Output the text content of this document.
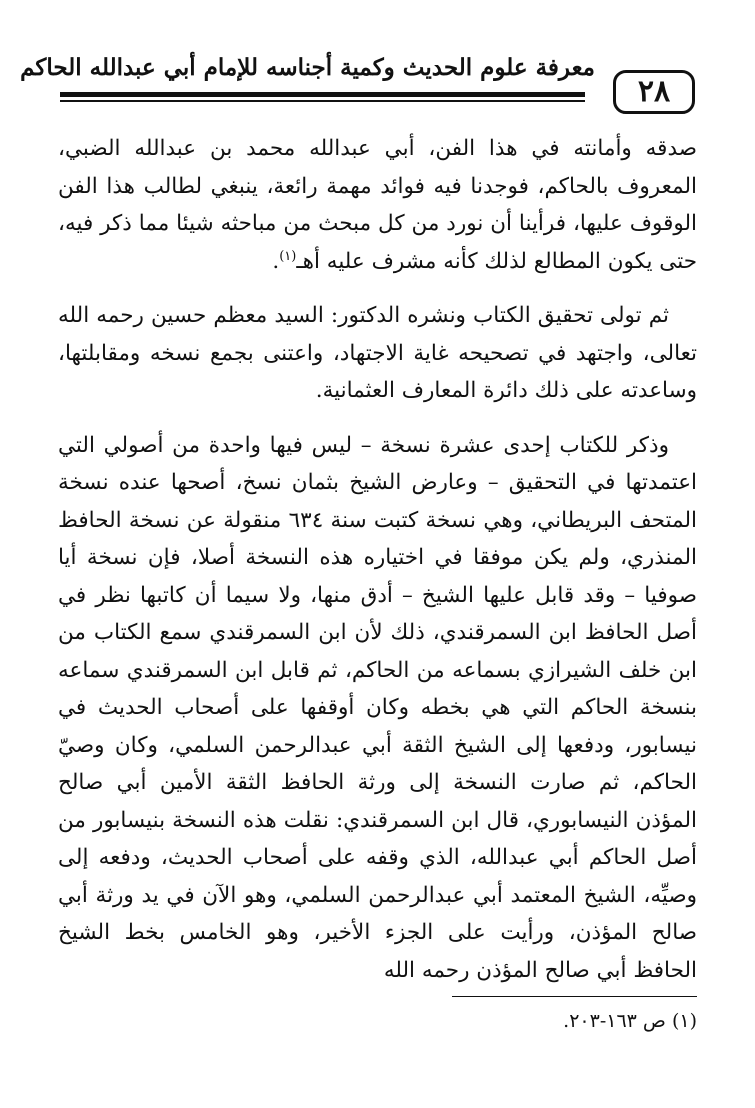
معرفة علوم الحديث وكمية أجناسه للإمام أبي عبدالله الحاكم
٢٨

صدقه وأمانته في هذا الفن، أبي عبدالله محمد بن عبدالله الضبي، المعروف بالحاكم، فوجدنا فيه فوائد مهمة رائعة، ينبغي لطالب هذا الفن الوقوف عليها، فرأينا أن نورد من كل مبحث من مباحثه شيئا مما ذكر فيه، حتى يكون المطالع لذلك كأنه مشرف عليه أهـ$^{(١)}$.

ثم تولى تحقيق الكتاب ونشره الدكتور: السيد معظم حسين رحمه الله تعالى، واجتهد في تصحيحه غاية الاجتهاد، واعتنى بجمع نسخه ومقابلتها، وساعدته على ذلك دائرة المعارف العثمانية.

وذكر للكتاب إحدى عشرة نسخة – ليس فيها واحدة من أصولي التي اعتمدتها في التحقيق – وعارض الشيخ بثمان نسخ، أصحها عنده نسخة المتحف البريطاني، وهي نسخة كتبت سنة ٦٣٤ منقولة عن نسخة الحافظ المنذري، ولم يكن موفقا في اختياره هذه النسخة أصلا، فإن نسخة أيا صوفيا – وقد قابل عليها الشيخ – أدق منها، ولا سيما أن كاتبها نظر في أصل الحافظ ابن السمرقندي، ذلك لأن ابن السمرقندي سمع الكتاب من ابن خلف الشيرازي بسماعه من الحاكم، ثم قابل ابن السمرقندي سماعه بنسخة الحاكم التي هي بخطه وكان أوقفها على أصحاب الحديث في نيسابور، ودفعها إلى الشيخ الثقة أبي عبدالرحمن السلمي، وكان وصيّ الحاكم، ثم صارت النسخة إلى ورثة الحافظ الثقة الأمين أبي صالح المؤذن النيسابوري، قال ابن السمرقندي: نقلت هذه النسخة بنيسابور من أصل الحاكم أبي عبدالله، الذي وقفه على أصحاب الحديث، ودفعه إلى وصيِّه، الشيخ المعتمد أبي عبدالرحمن السلمي، وهو الآن في يد ورثة أبي صالح المؤذن، ورأيت على الجزء الأخير، وهو الخامس بخط الشيخ الحافظ أبي صالح المؤذن رحمه الله

(١) ص ١٦٣-٢٠٣.
